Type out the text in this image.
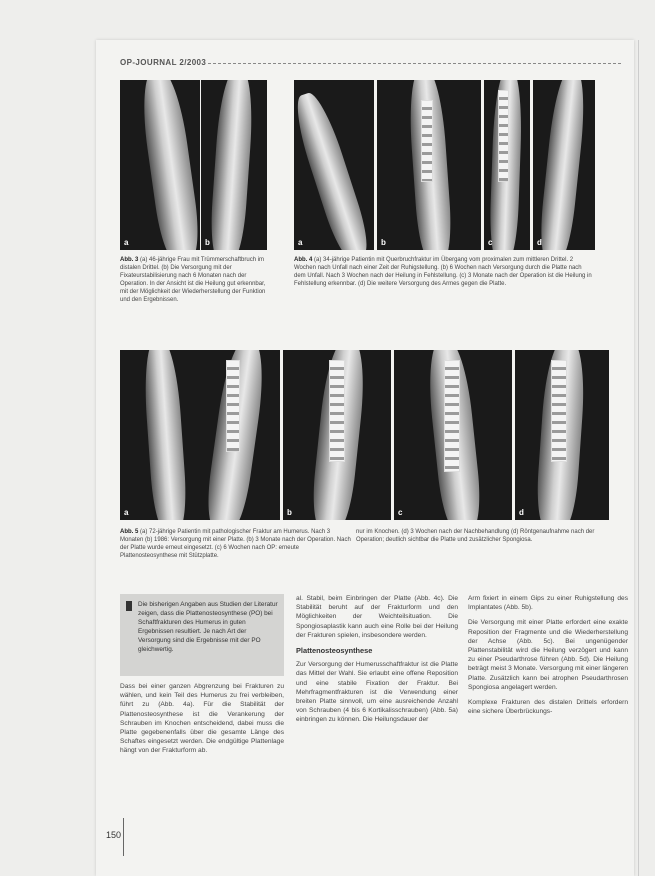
OP-JOURNAL 2/2003
a	b
Abb. 3 (a) 46-jährige Frau mit Trümmerschaftbruch im distalen Drittel. (b) Die Versorgung mit der Fixateurstabilisierung nach 6 Monaten nach der Operation. In der Ansicht ist die Heilung gut erkennbar, mit der Möglichkeit der Wiederherstellung der Funktion und den Ergebnissen.
a	b	c	d
Abb. 4 (a) 34-jährige Patientin mit Querbruchfraktur im Übergang vom proximalen zum mittleren Drittel. 2 Wochen nach Unfall nach einer Zeit der Ruhigstellung. (b) 6 Wochen nach Versorgung durch die Platte nach dem Unfall. Nach 3 Wochen nach der Heilung in Fehlstellung. (c) 3 Monate nach der Operation ist die Heilung in Fehlstellung erkennbar. (d) Die weitere Versorgung des Armes gegen die Platte.
a	b	c	d
Abb. 5 (a) 72-jährige Patientin mit pathologischer Fraktur am Humerus. Nach 3 Monaten (b) 1986: Versorgung mit einer Platte. (b) 3 Monate nach der Operation. Nach der Platte wurde erneut eingesetzt. (c) 6 Wochen nach OP: erneute Plattenosteosynthese mit Stützplatte.
nur im Knochen. (d) 3 Wochen nach der Nachbehandlung (d) Röntgenaufnahme nach der Operation; deutlich sichtbar die Platte und zusätzlicher Spongiosa.
Die bisherigen Angaben aus Studien der Literatur zeigen, dass die Plattenosteosynthese (PO) bei Schaftfrakturen des Humerus in guten Ergebnissen resultiert. Je nach Art der Versorgung sind die Ergebnisse mit der PO gleichwertig.

Dass bei einer ganzen Abgrenzung bei Frakturen zu wählen, und kein Teil des Humerus zu frei verbleiben, führt zu (Abb. 4a). Für die Stabilität der Plattenosteosynthese ist die Verankerung der Schrauben im Knochen entscheidend, dabei muss die Platte gegebenenfalls über die gesamte Länge des Schaftes eingesetzt werden. Die endgültige Plattenlage hängt von der Frakturform ab.

al. Stabil, beim Einbringen der Platte (Abb. 4c). Die Stabilität beruht auf der Frakturform und den Möglichkeiten der Weichteilsituation. Die Spongiosaplastik kann auch eine Rolle bei der Heilung der Frakturen spielen, insbesondere werden.

Plattenosteosynthese

Zur Versorgung der Humerusschaftfraktur ist die Platte das Mittel der Wahl. Sie erlaubt eine offene Reposition und eine stabile Fixation der Fraktur. Bei Mehrfragmentfrakturen ist die Verwendung einer breiten Platte sinnvoll, um eine ausreichende Anzahl von Schrauben (4 bis 6 Kortikalisschrauben) (Abb. 5a) einbringen zu können. Die Heilungsdauer der

Arm fixiert in einem Gips zu einer Ruhigstellung des Implantates (Abb. 5b).

Die Versorgung mit einer Platte erfordert eine exakte Reposition der Fragmente und die Wiederherstellung der Achse (Abb. 5c). Bei ungenügender Plattenstabilität wird die Heilung verzögert und kann zu einer Pseudarthrose führen (Abb. 5d). Die Heilung beträgt meist 3 Monate. Versorgung mit einer längeren Platte. Zusätzlich kann bei atrophen Pseudarthrosen Spongiosa angelagert werden.

Komplexe Frakturen des distalen Drittels erfordern eine sichere Überbrückungs-

150
